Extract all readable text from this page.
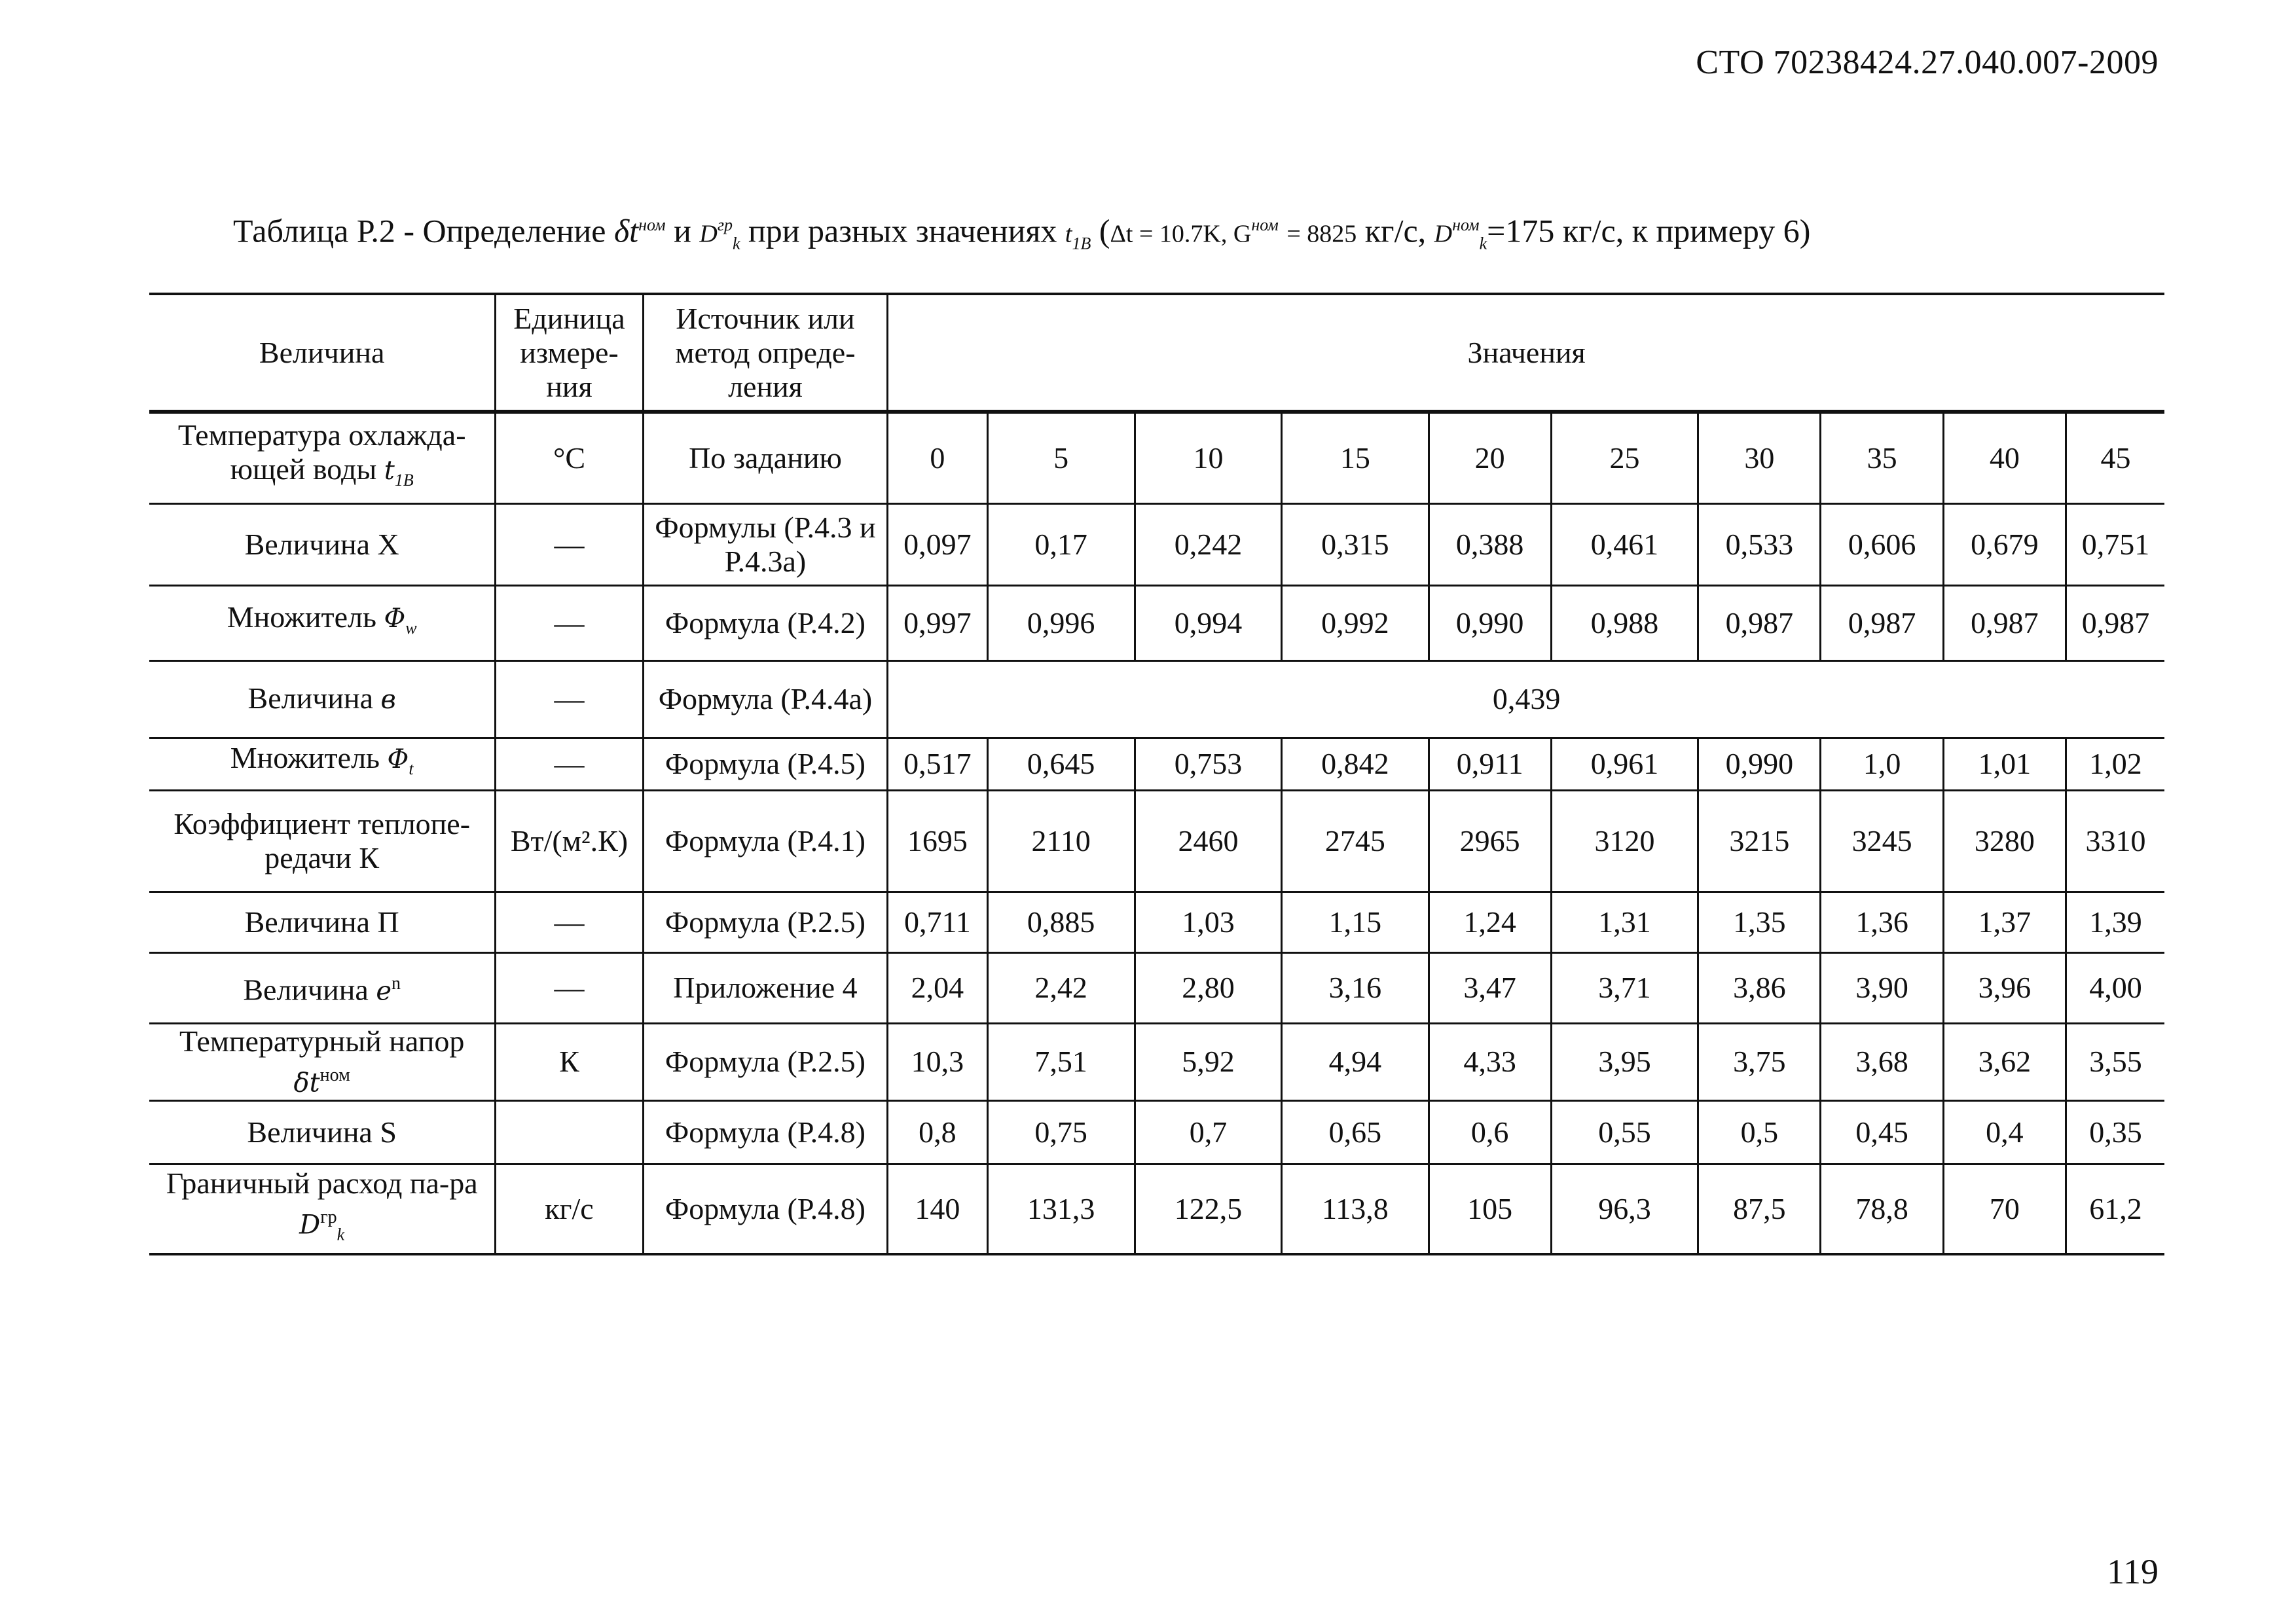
СТО 70238424.27.040.007-2009
Таблица Р.2 - Определение $\delta t^{ном}$ и $D^{гр}_k$ при разных значениях $t_{1B}$ (Δt = 10.7K, $G^{ном} = 8825$ кг/с, $D^{ном}_k=175$ кг/с, к примеру 6)
Величина	Единица измере-ния	Источник или метод опреде-ления	Значения									
Температура охлажда-ющей воды $t_{1B}$	°C	По заданию	0	5	10	15	20	25	30	35	40	45
Величина X	—	Формулы (Р.4.3 и Р.4.3а)	0,097	0,17	0,242	0,315	0,388	0,461	0,533	0,606	0,679	0,751
Множитель $\Phi_w$	—	Формула (Р.4.2)	0,997	0,996	0,994	0,992	0,990	0,988	0,987	0,987	0,987	0,987
Величина в	—	Формула (Р.4.4а)	0,439									
Множитель $\Phi_t$	—	Формула (Р.4.5)	0,517	0,645	0,753	0,842	0,911	0,961	0,990	1,0	1,01	1,02
Коэффициент теплопе-редачи К	Вт/(м².К)	Формула (Р.4.1)	1695	2110	2460	2745	2965	3120	3215	3245	3280	3310
Величина П	—	Формула (Р.2.5)	0,711	0,885	1,03	1,15	1,24	1,31	1,35	1,36	1,37	1,39
Величина $e^n$	—	Приложение 4	2,04	2,42	2,80	3,16	3,47	3,71	3,86	3,90	3,96	4,00
Температурный напор $\delta t^{ном}$	К	Формула (Р.2.5)	10,3	7,51	5,92	4,94	4,33	3,95	3,75	3,68	3,62	3,55
Величина S		Формула (Р.4.8)	0,8	0,75	0,7	0,65	0,6	0,55	0,5	0,45	0,4	0,35
Граничный расход па-ра $D^{гр}_k$	кг/с	Формула (Р.4.8)	140	131,3	122,5	113,8	105	96,3	87,5	78,8	70	61,2
119
